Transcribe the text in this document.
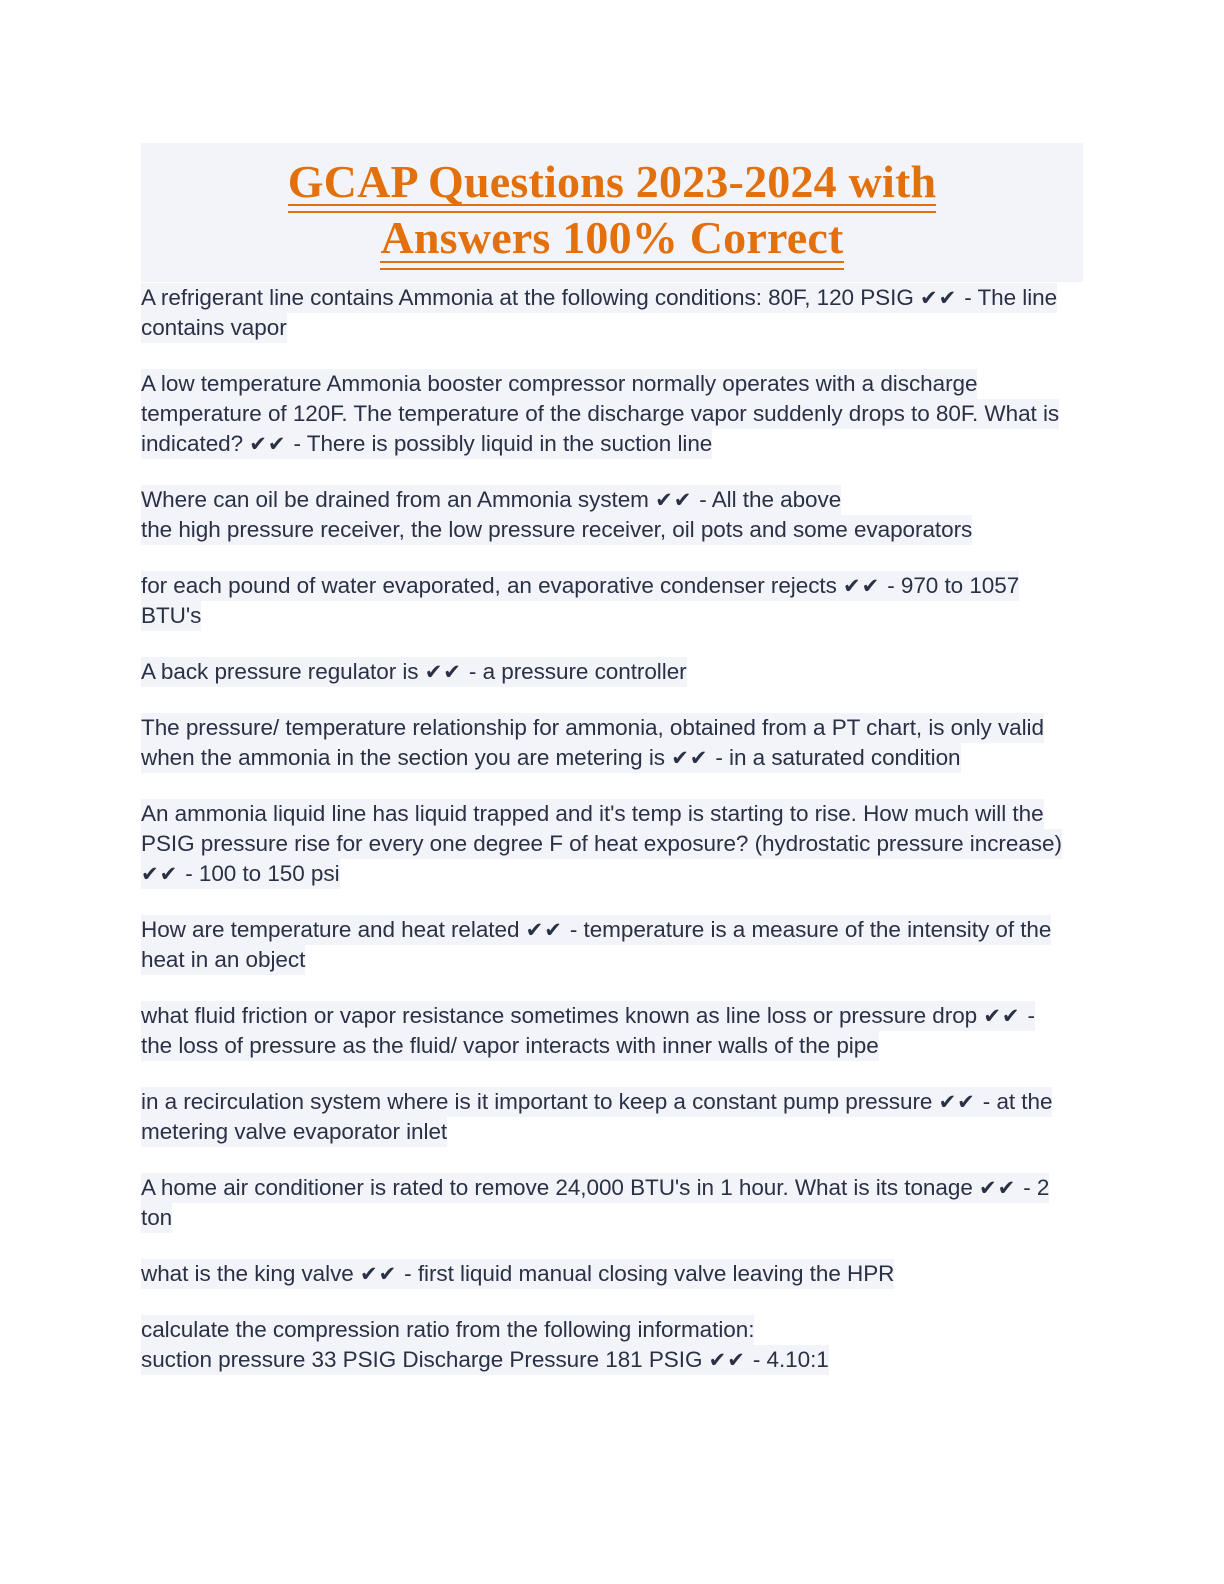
GCAP Questions 2023-2024 with
Answers 100% Correct

A refrigerant line contains Ammonia at the following conditions: 80F, 120 PSIG ✔✔ - The line contains vapor

A low temperature Ammonia booster compressor normally operates with a discharge temperature of 120F. The temperature of the discharge vapor suddenly drops to 80F. What is indicated? ✔✔ - There is possibly liquid in the suction line

Where can oil be drained from an Ammonia system ✔✔ - All the above
the high pressure receiver, the low pressure receiver, oil pots and some evaporators

for each pound of water evaporated, an evaporative condenser rejects ✔✔ - 970 to 1057 BTU's

A back pressure regulator is ✔✔ - a pressure controller

The pressure/ temperature relationship for ammonia, obtained from a PT chart, is only valid when the ammonia in the section you are metering is ✔✔ - in a saturated condition

An ammonia liquid line has liquid trapped and it's temp is starting to rise. How much will the PSIG pressure rise for every one degree F of heat exposure? (hydrostatic pressure increase) ✔✔ - 100 to 150 psi

How are temperature and heat related ✔✔ - temperature is a measure of the intensity of the heat in an object

what fluid friction or vapor resistance sometimes known as line loss or pressure drop ✔✔ - the loss of pressure as the fluid/ vapor interacts with inner walls of the pipe

in a recirculation system where is it important to keep a constant pump pressure ✔✔ - at the metering valve evaporator inlet

A home air conditioner is rated to remove 24,000 BTU's in 1 hour. What is its tonage ✔✔ - 2 ton

what is the king valve ✔✔ - first liquid manual closing valve leaving the HPR

calculate the compression ratio from the following information:
suction pressure 33 PSIG Discharge Pressure 181 PSIG ✔✔ - 4.10:1
